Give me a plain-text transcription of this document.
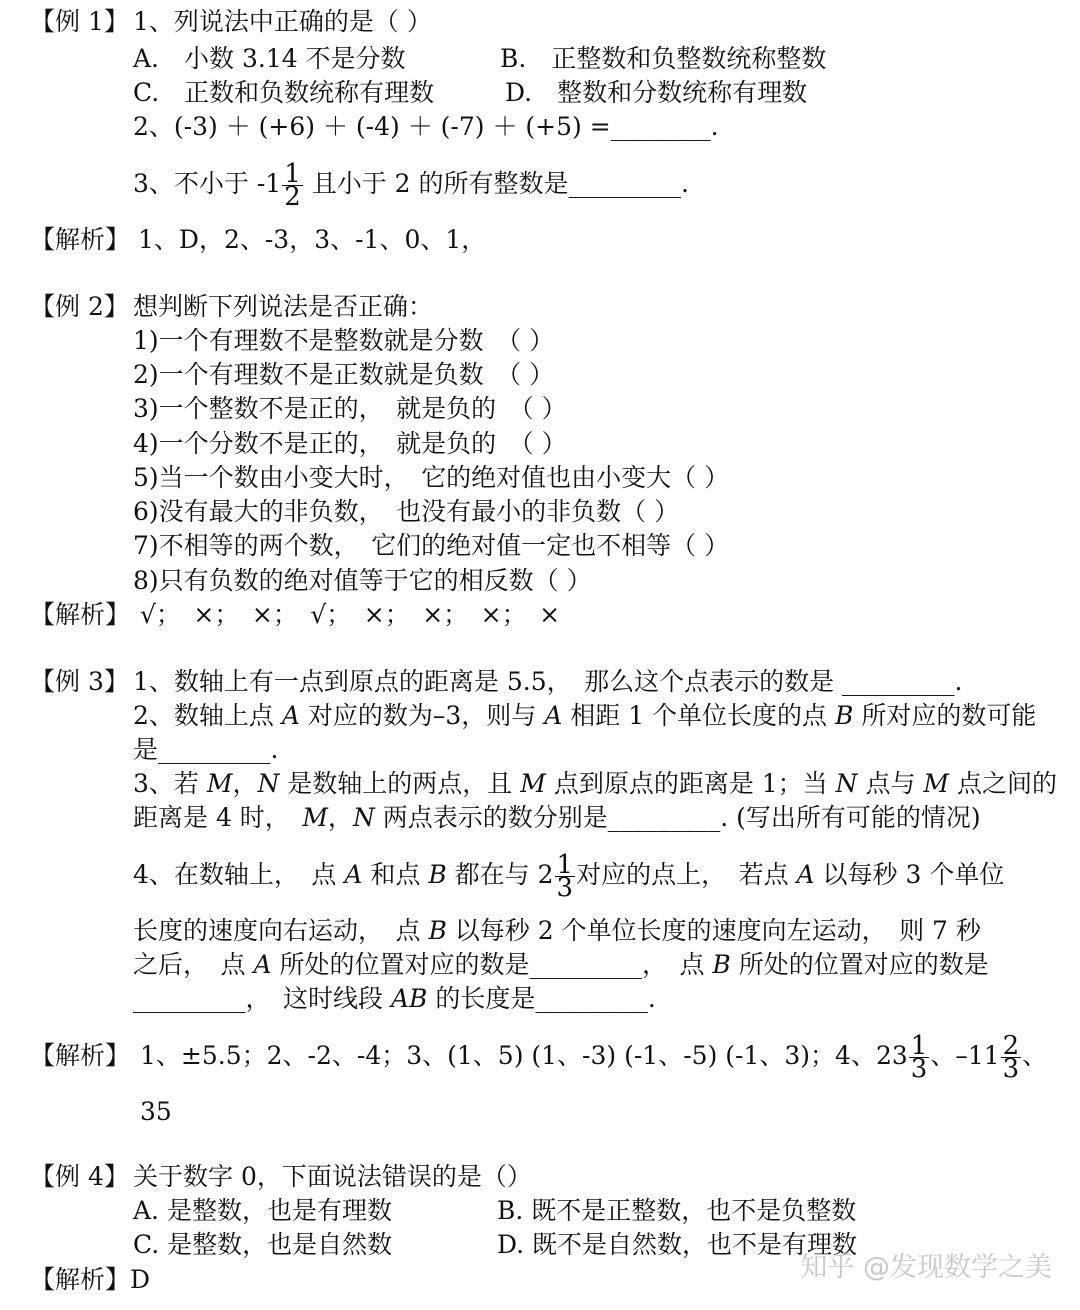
【例 1】 1、列说法中正确的是（ ）
A.　小数 3.14 不是分数	B.　正整数和负整数统称整数
C.　正数和负数统称有理数	D.　整数和分数统称有理数
2、(-3) ＋ (+6) ＋ (-4) ＋ (-7) ＋ (+5) =________.
3、不小于 $-1 \frac{1}{2}$ 且小于 2 的所有整数是_________.
【解析】 1、D，2、-3，3、-1、0、1，
【例 2】 想判断下列说法是否正确：
1)一个有理数不是整数就是分数　（ ）
2)一个有理数不是正数就是负数　（ ）
3)一个整数不是正的，　就是负的　（ ）
4)一个分数不是正的，　就是负的　（ ）
5)当一个数由小变大时，　它的绝对值也由小变大（ ）
6)没有最大的非负数，　也没有最小的非负数（ ）
7)不相等的两个数，　它们的绝对值一定也不相等（ ）
8)只有负数的绝对值等于它的相反数（ ）
【解析】 √；　×；　×；　√；　×；　×；　×；　×
【例 3】 1、数轴上有一点到原点的距离是 5.5，　那么这个点表示的数是 _________.
2、数轴上点 A 对应的数为–3，则与 A 相距 1 个单位长度的点 B 所对应的数可能
是_________.
3、若 M，N 是数轴上的两点，且 M 点到原点的距离是 1；当 N 点与 M 点之间的
距离是 4 时，　M，N 两点表示的数分别是_________. (写出所有可能的情况)
4、在数轴上，　点 A 和点 B 都在与 $2 \frac{1}{3}$ 对应的点上，　若点 A 以每秒 3 个单位
长度的速度向右运动，　点 B 以每秒 2 个单位长度的速度向左运动，　则 7 秒
之后，　点 A 所处的位置对应的数是_________，　点 B 所处的位置对应的数是
_________，　这时线段 AB 的长度是_________.
【解析】 1、±5.5；2、-2、-4；3、(1、5) (1、-3) (-1、-5) (-1、3)；4、$23 \frac{1}{3}$ 、$-11 \frac{2}{3}$ 、
35
【例 4】 关于数字 0，下面说法错误的是（）
A. 是整数，也是有理数	B. 既不是正整数，也不是负整数
C. 是整数，也是自然数	D. 既不是自然数，也不是有理数
【解析】 D	知乎 @发现数学之美
